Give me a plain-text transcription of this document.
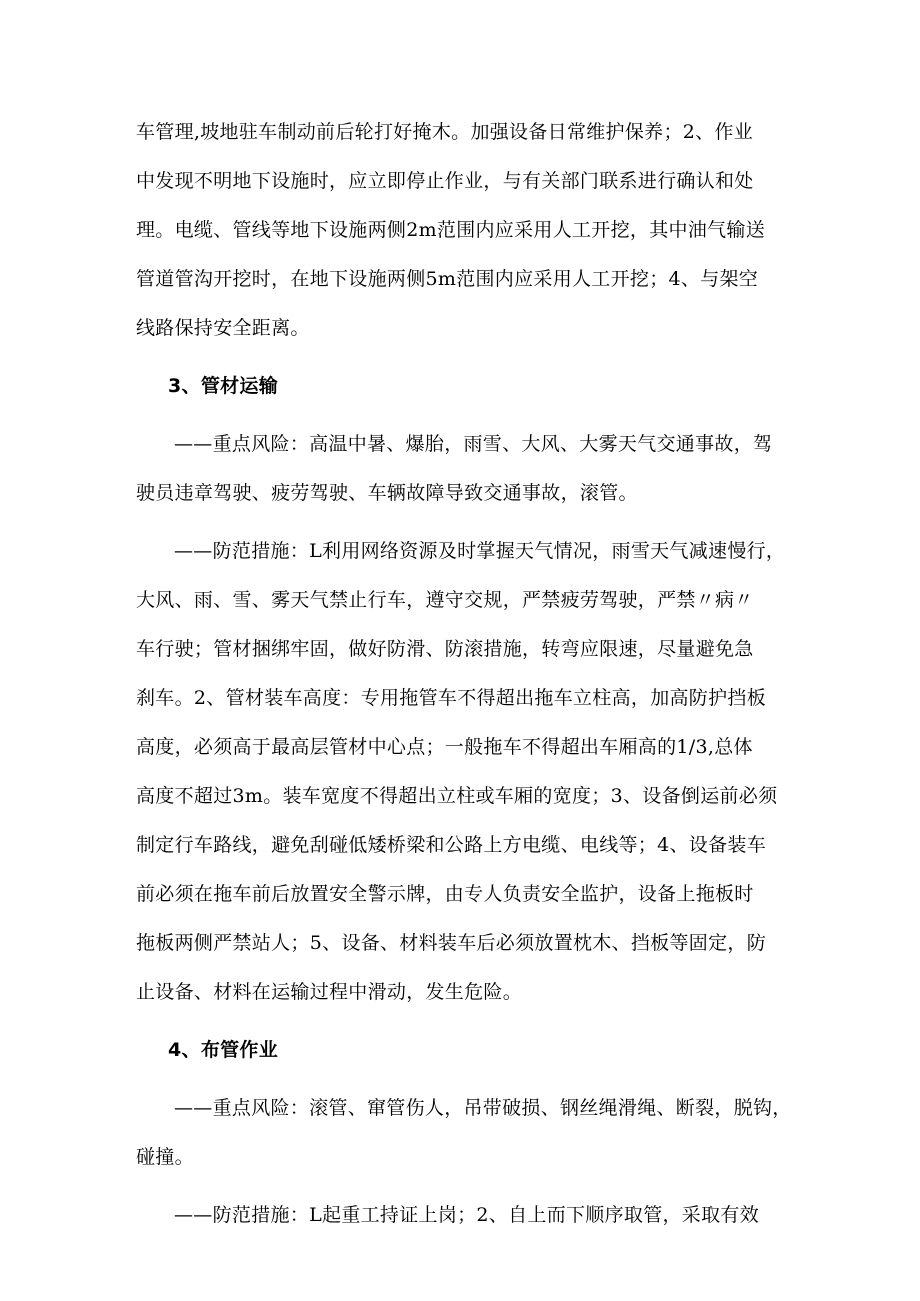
车管理,坡地驻车制动前后轮打好掩木。加强设备日常维护保养；2、作业
中发现不明地下设施时，应立即停止作业，与有关部门联系进行确认和处
理。电缆、管线等地下设施两侧2m范围内应采用人工开挖，其中油气输送
管道管沟开挖时，在地下设施两侧5m范围内应采用人工开挖；4、与架空
线路保持安全距离。
3、管材运输
——重点风险：高温中暑、爆胎，雨雪、大风、大雾天气交通事故，驾
驶员违章驾驶、疲劳驾驶、车辆故障导致交通事故，滚管。
——防范措施：L利用网络资源及时掌握天气情况，雨雪天气减速慢行，
大风、雨、雪、雾天气禁止行车，遵守交规，严禁疲劳驾驶，严禁〃病〃
车行驶；管材捆绑牢固，做好防滑、防滚措施，转弯应限速，尽量避免急
刹车。2、管材装车高度：专用拖管车不得超出拖车立柱高，加高防护挡板
高度，必须高于最高层管材中心点；一般拖车不得超出车厢高的1/3,总体
高度不超过3m。装车宽度不得超出立柱或车厢的宽度；3、设备倒运前必须
制定行车路线，避免刮碰低矮桥梁和公路上方电缆、电线等；4、设备装车
前必须在拖车前后放置安全警示牌，由专人负责安全监护，设备上拖板时
拖板两侧严禁站人；5、设备、材料装车后必须放置枕木、挡板等固定，防
止设备、材料在运输过程中滑动，发生危险。
4、布管作业
——重点风险：滚管、窜管伤人，吊带破损、钢丝绳滑绳、断裂，脱钩，
碰撞。
——防范措施：L起重工持证上岗；2、自上而下顺序取管，采取有效
